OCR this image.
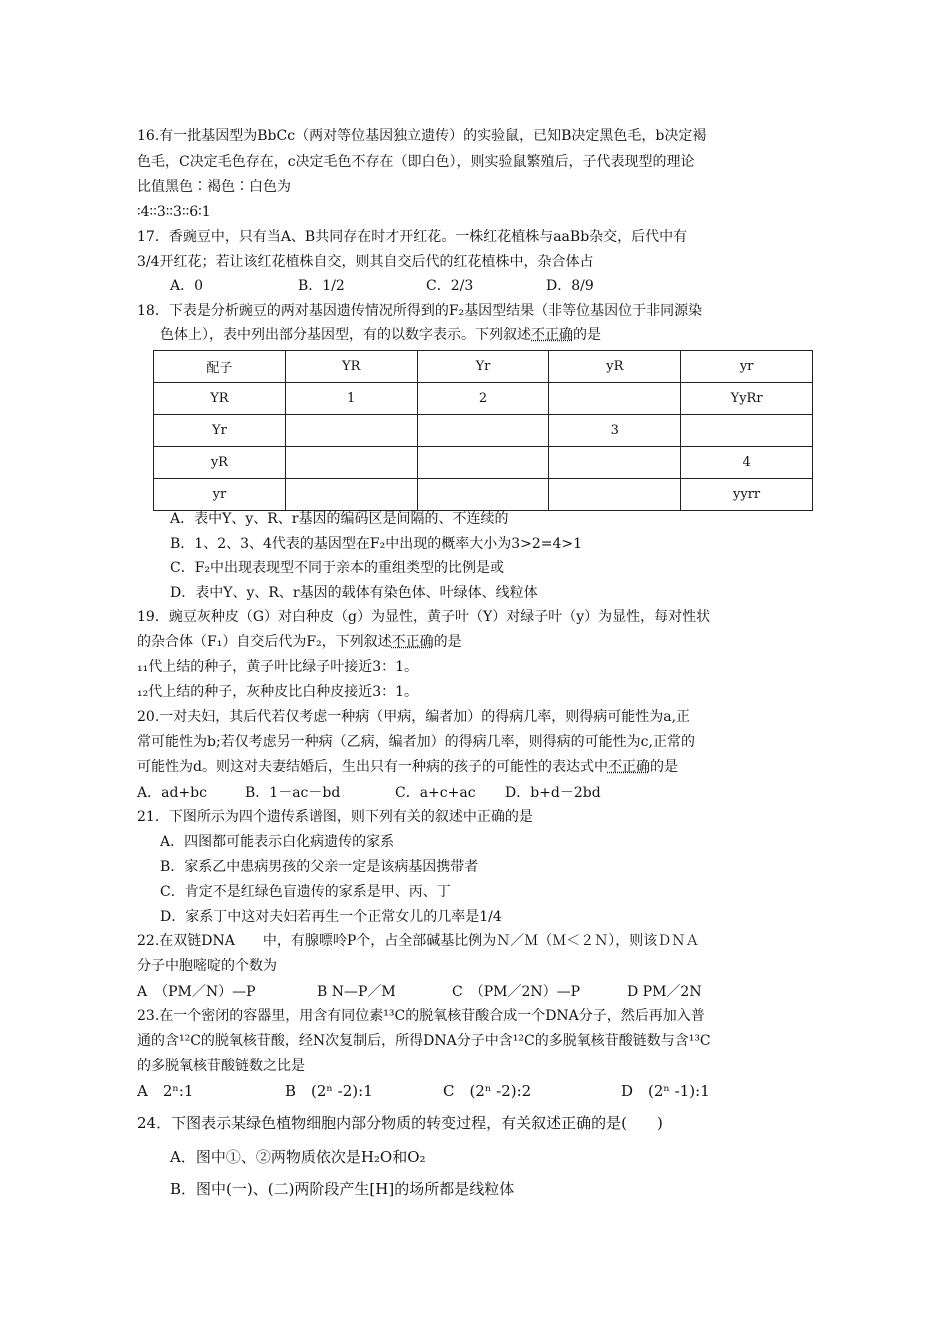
16.有一批基因型为BbCc（两对等位基因独立遗传）的实验鼠，已知B决定黑色毛，b决定褐
色毛，C决定毛色存在，c决定毛色不存在（即白色），则实验鼠繁殖后，子代表现型的理论
比值黑色∶褐色∶白色为
∶4∶∶3∶∶3∶∶6∶1
17．香豌豆中，只有当A、B共同存在时才开红花。一株红花植株与aaBb杂交，后代中有
3/4开红花；若让该红花植株自交，则其自交后代的红花植株中，杂合体占
A．0	B．1/2	C．2/3	D．8/9
18．下表是分析豌豆的两对基因遗传情况所得到的F₂基因型结果（非等位基因位于非同源染
色体上），表中列出部分基因型，有的以数字表示。下列叙述不正确的是
配子	YR	Yr	yR	yr
YR	1	2		YyRr
Yr			3	
yR				4
yr				yyrr
A．表中Y、y、R、r基因的编码区是间隔的、不连续的
B．1、2、3、4代表的基因型在F₂中出现的概率大小为3>2=4>1
C．F₂中出现表现型不同于亲本的重组类型的比例是或
D．表中Y、y、R、r基因的载体有染色体、叶绿体、线粒体
19．豌豆灰种皮（G）对白种皮（g）为显性，黄子叶（Y）对绿子叶（y）为显性，每对性状
的杂合体（F₁）自交后代为F₂，下列叙述不正确的是
₁₁代上结的种子，黄子叶比绿子叶接近3：1。
₁₂代上结的种子，灰种皮比白种皮接近3：1。
20.一对夫妇，其后代若仅考虑一种病（甲病，编者加）的得病几率，则得病可能性为a,正
常可能性为b;若仅考虑另一种病（乙病，编者加）的得病几率，则得病的可能性为c,正常的
可能性为d。则这对夫妻结婚后，生出只有一种病的孩子的可能性的表达式中不正确的是
A．ad+bc	B．1－ac－bd	C．a+c+ac D．b+d－2bd
21．下图所示为四个遗传系谱图，则下列有关的叙述中正确的是
A．四图都可能表示白化病遗传的家系
B．家系乙中患病男孩的父亲一定是该病基因携带者
C．肯定不是红绿色盲遗传的家系是甲、丙、丁
D．家系丁中这对夫妇若再生一个正常女儿的几率是1/4
22.在双链DNA　　中，有腺嘌呤P个，占全部碱基比例为Ｎ／Ｍ（Ｍ＜２Ｎ），则该ＤＮＡ
分子中胞嘧啶的个数为
A　（PM／N）—P	B N—P／M	C　（PM／2N）—P	D PM／2N
23.在一个密闭的容器里，用含有同位素¹³C的脱氧核苷酸合成一个DNA分子，然后再加入普
通的含¹²C的脱氧核苷酸，经N次复制后，所得DNA分子中含¹²C的多脱氧核苷酸链数与含¹³C
的多脱氧核苷酸链数之比是
A　2ⁿ:1	B　(2ⁿ -2):1	C　(2ⁿ -2):2	D　(2ⁿ -1):1
24．下图表示某绿色植物细胞内部分物质的转变过程，有关叙述正确的是(　　)
A．图中①、②两物质依次是H₂O和O₂
B．图中(一)、(二)两阶段产生[H]的场所都是线粒体
